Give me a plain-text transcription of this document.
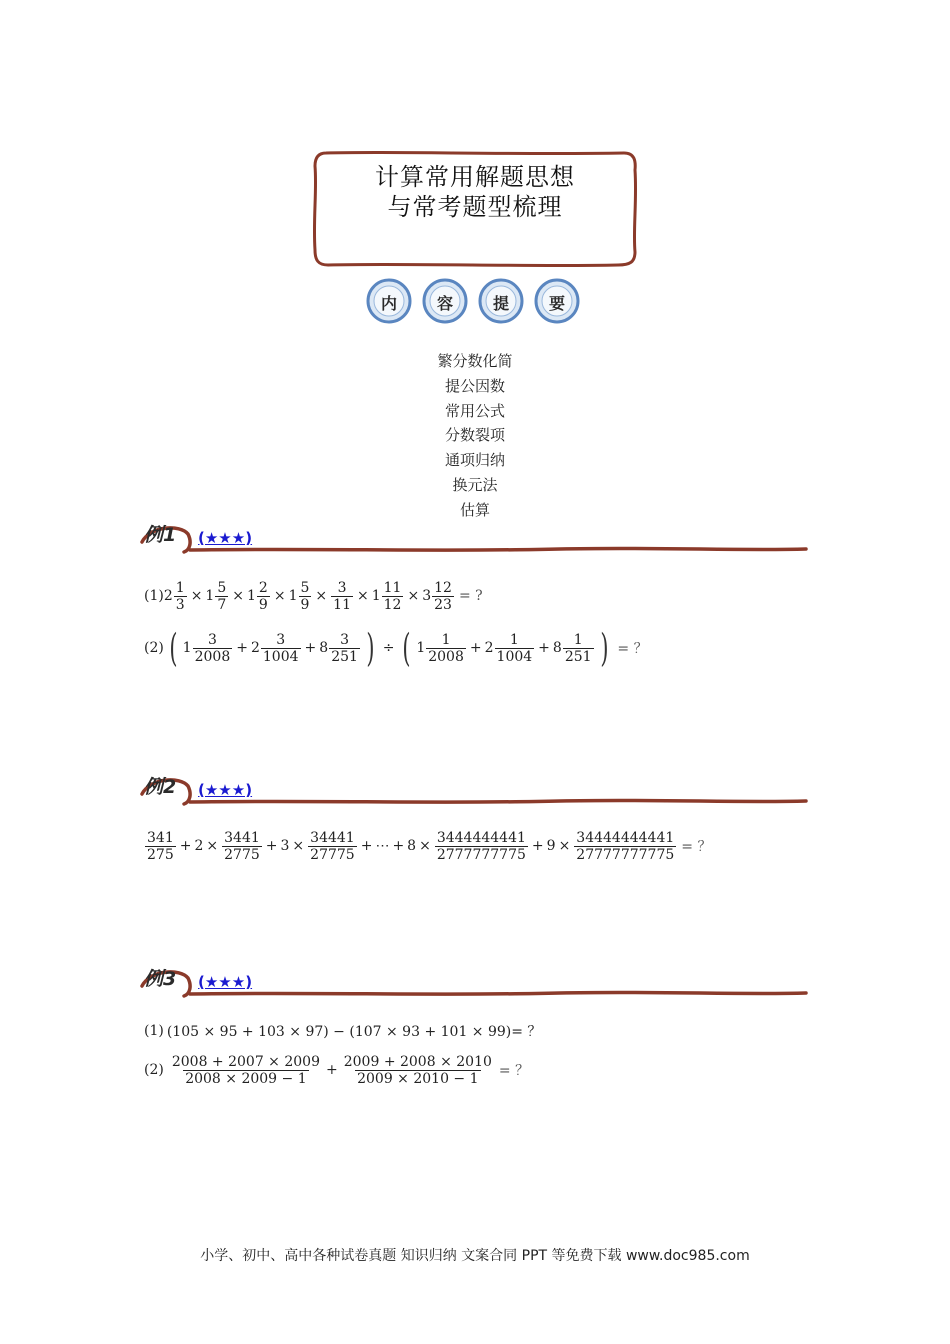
计算常用解题思想
与常考题型梳理
内	容	提	要
繁分数化简
提公因数
常用公式
分数裂项
通项归纳
换元法
估算
例1 (★★★)
(1) $2 \frac{1}{3} \times 1 \frac{5}{7} \times 1 \frac{2}{9} \times 1 \frac{5}{9} \times \frac{3}{11} \times 1 \frac{11}{12} \times 3 \frac{12}{23}$ = ?
(2) ( $1 \frac{3}{2008} + 2 \frac{3}{1004} + 8 \frac{3}{251}$ ) ÷ ( $1 \frac{1}{2008} + 2 \frac{1}{1004} + 8 \frac{1}{251}$ ) = ？
例2 (★★★)
$\frac{341}{275} + 2 \times \frac{3441}{2775} + 3 \times \frac{34441}{27775}$ + ⋯ + $8 \times \frac{3444444441}{2777777775} + 9 \times \frac{34444444441}{27777777775}$ = ？
例3 (★★★)
(1) (105 × 95 + 103 × 97) − (107 × 93 + 101 × 99)= ？
$(2) \frac{2008 + 2007 \times 2009}{2008 \times 2009 - 1} + \frac{2009 + 2008 \times 2010}{2009 \times 2010 - 1}$ = ？
小学、初中、高中各种试卷真题 知识归纳 文案合同 PPT 等免费下载 www.doc985.com
